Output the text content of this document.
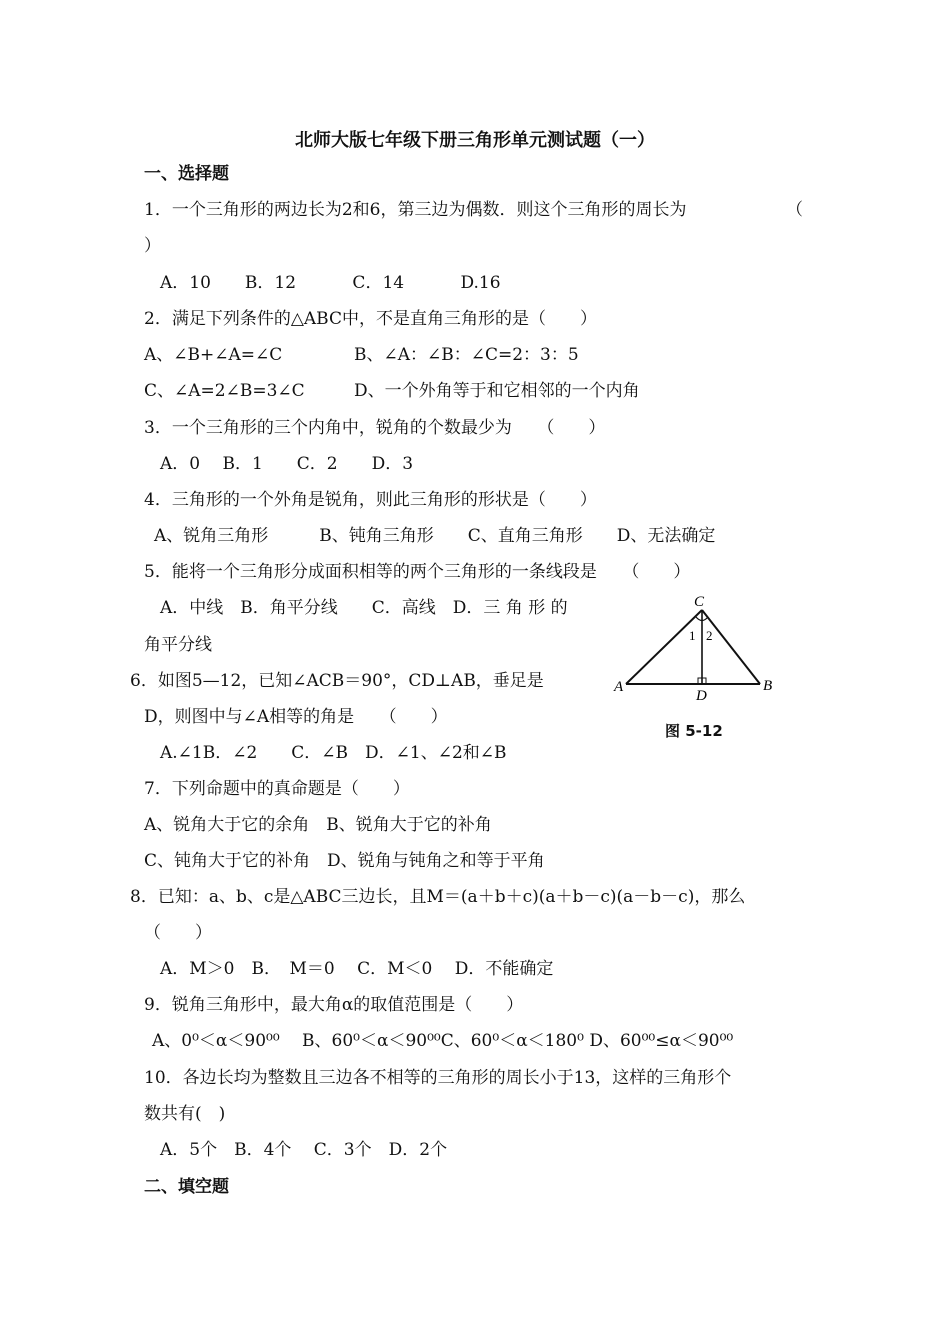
北师大版七年级下册三角形单元测试题（一）
一、选择题
1．一个三角形的两边长为2和6，第三边为偶数．则这个三角形的周长为	（
）
A．10　　B．12　　　 C．14　　　 D.16
2．满足下列条件的△ABC中，不是直角三角形的是（　　）
A、∠B+∠A=∠C	B、∠A：∠B：∠C=2：3：5
C、∠A=2∠B=3∠C	D、一个外角等于和它相邻的一个内角
3．一个三角形的三个内角中，锐角的个数最少为　　（　　）
A．0　 B．1　　C．2　　D．3
4．三角形的一个外角是锐角，则此三角形的形状是（　　）
A、锐角三角形　　　B、钝角三角形　　C、直角三角形　　D、无法确定
5．能将一个三角形分成面积相等的两个三角形的一条线段是　　（　　）
A．中线　B．角平分线　　C．高线　D．三 角 形 的
角平分线
6．如图5—12，已知∠ACB＝90°，CD⊥AB，垂足是
D，则图中与∠A相等的角是　　（　　）
A.∠1B．∠2　　C．∠B　D．∠1、∠2和∠B
C
A	B
D
1 2
图 5-12
7．下列命题中的真命题是（　　）
A、锐角大于它的余角　B、锐角大于它的补角
C、钝角大于它的补角　D、锐角与钝角之和等于平角
8．已知：a、b、c是△ABC三边长，且M＝(a＋b＋c)(a＋b－c)(a－b－c)，那么
（　　）
A．M＞0　B．　M＝0　 C．M＜0　 D．不能确定
9．锐角三角形中，最大角α的取值范围是（　　）
A、0⁰＜α＜90⁰⁰　 B、60⁰＜α＜90⁰⁰C、60⁰＜α＜180⁰ D、60⁰⁰≤α＜90⁰⁰
10．各边长均为整数且三边各不相等的三角形的周长小于13，这样的三角形个
数共有(　)
A．5个　B．4个　 C．3个　D．2个
二、填空题
